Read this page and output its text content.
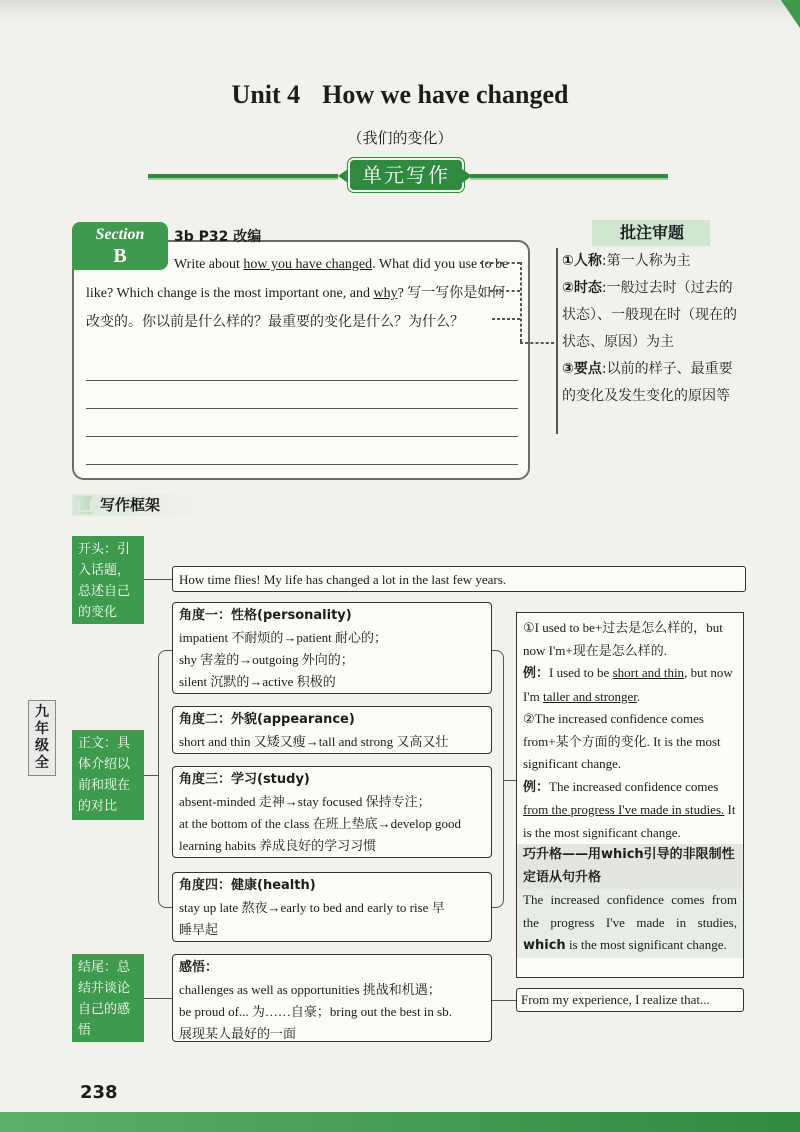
Unit 4 How we have changed
（我们的变化）
单元写作
Section
B
3b P32 改编
Write about how you have changed. What did you use to be like? Which change is the most important one, and why? 写一写你是如何改变的。你以前是什么样的？最重要的变化是什么？为什么？
✎
批注审题
①人称:第一人称为主
②时态:一般过去时（过去的状态）、一般现在时（现在的状态、原因）为主
③要点:以前的样子、最重要的变化及发生变化的原因等
写作框架
九年级全
开头：引入话题，总述自己的变化
正文：具体介绍以前和现在的对比
结尾：总结并谈论自己的感悟
How time flies! My life has changed a lot in the last few years.
角度一：性格(personality)
impatient 不耐烦的→patient 耐心的；
shy 害羞的→outgoing 外向的；
silent 沉默的→active 积极的
角度二：外貌(appearance)
short and thin 又矮又瘦→tall and strong 又高又壮
角度三：学习(study)
absent-minded 走神→stay focused 保持专注；
at the bottom of the class 在班上垫底→develop good
learning habits 养成良好的学习习惯
角度四：健康(health)
stay up late 熬夜→early to bed and early to rise 早
睡早起
①I used to be+过去是怎么样的，but now I'm+现在是怎么样的.
例：I used to be short and thin, but now I'm taller and stronger.
②The increased confidence comes from+某个方面的变化. It is the most significant change.
例：The increased confidence comes from the progress I've made in studies. It is the most significant change.
巧升格——用which引导的非限制性定语从句升格
The increased confidence comes from the progress I've made in studies, which is the most significant change.
感悟：
challenges as well as opportunities 挑战和机遇；
be proud of... 为……自豪；bring out the best in sb.
展现某人最好的一面
From my experience, I realize that...
238
